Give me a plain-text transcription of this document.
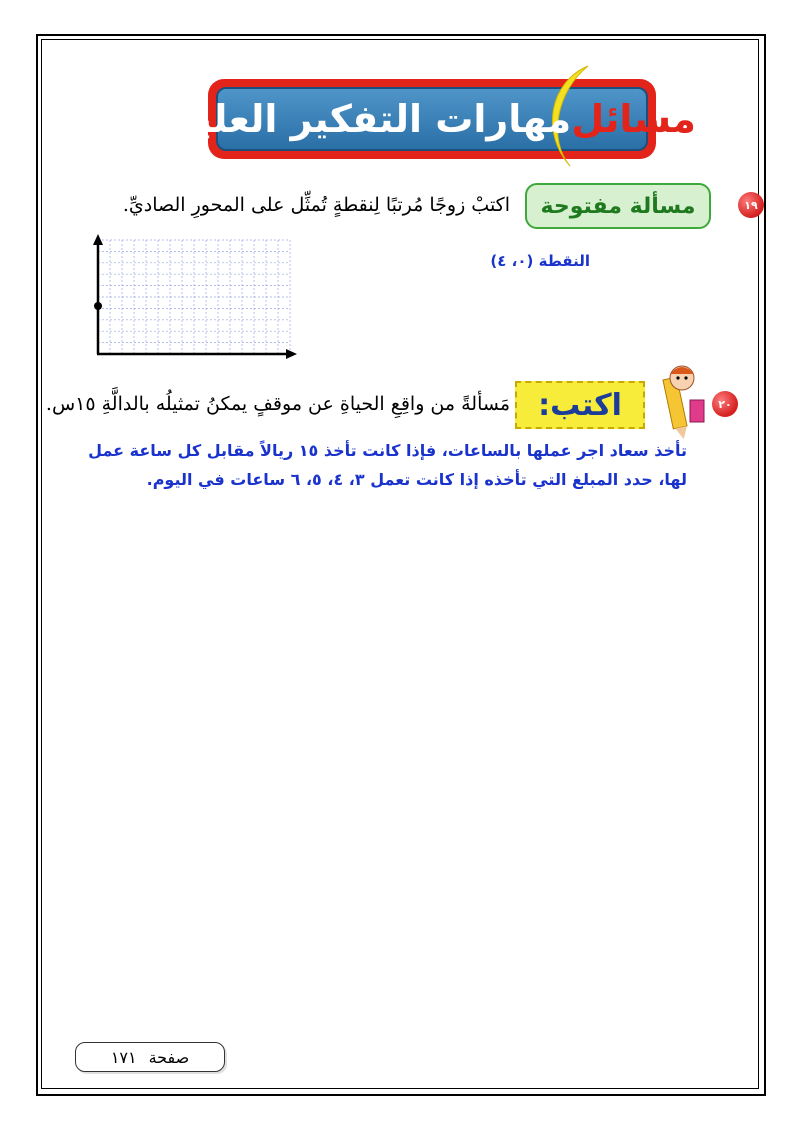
مسائل
مهارات التفكير العليا:
١٩
مسألة مفتوحة
اكتبْ زوجًا مُرتبًا لِنقطةٍ تُمثِّل على المحورِ الصاديِّ.
النقطة (٠، ٤)
٢٠
اكتب:
مَسألةً من واقِعِ الحياةِ عن موقفٍ يمكنُ تمثيلُه بالدالَّةِ ١٥س.
تأخذ سعاد اجر عملها بالساعات، فإذا كانت تأخذ ١٥ ريالاً مقابل كل ساعة عمل
لها، حدد المبلغ التي تأخذه إذا كانت تعمل ٣، ٤، ٥، ٦ ساعات في اليوم.
صفحة
١٧١
